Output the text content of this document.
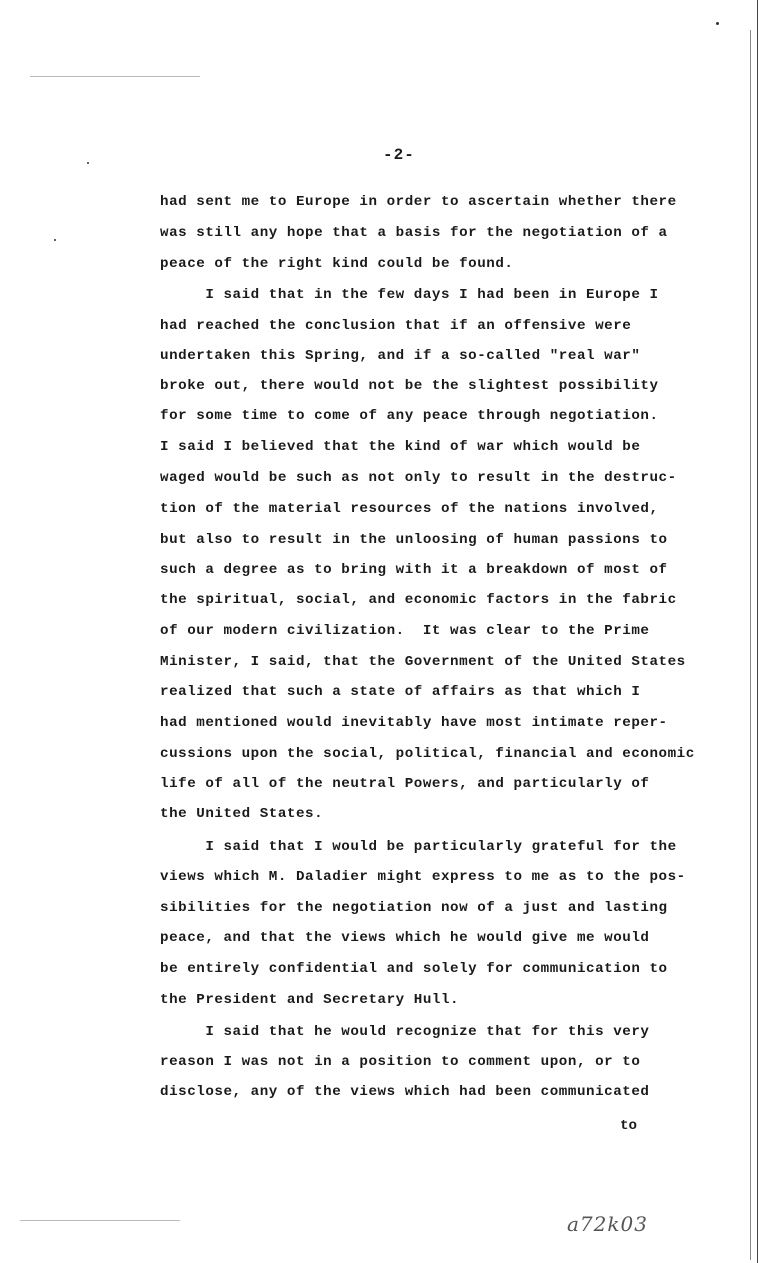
-2-
had sent me to Europe in order to ascertain whether there
was still any hope that a basis for the negotiation of a
peace of the right kind could be found.
I said that in the few days I had been in Europe I
had reached the conclusion that if an offensive were
undertaken this Spring, and if a so-called "real war"
broke out, there would not be the slightest possibility
for some time to come of any peace through negotiation.
I said I believed that the kind of war which would be
waged would be such as not only to result in the destruc-
tion of the material resources of the nations involved,
but also to result in the unloosing of human passions to
such a degree as to bring with it a breakdown of most of
the spiritual, social, and economic factors in the fabric
of our modern civilization.  It was clear to the Prime
Minister, I said, that the Government of the United States
realized that such a state of affairs as that which I
had mentioned would inevitably have most intimate reper-
cussions upon the social, political, financial and economic
life of all of the neutral Powers, and particularly of
the United States.
I said that I would be particularly grateful for the
views which M. Daladier might express to me as to the pos-
sibilities for the negotiation now of a just and lasting
peace, and that the views which he would give me would
be entirely confidential and solely for communication to
the President and Secretary Hull.
I said that he would recognize that for this very
reason I was not in a position to comment upon, or to
disclose, any of the views which had been communicated
to
a72k03
